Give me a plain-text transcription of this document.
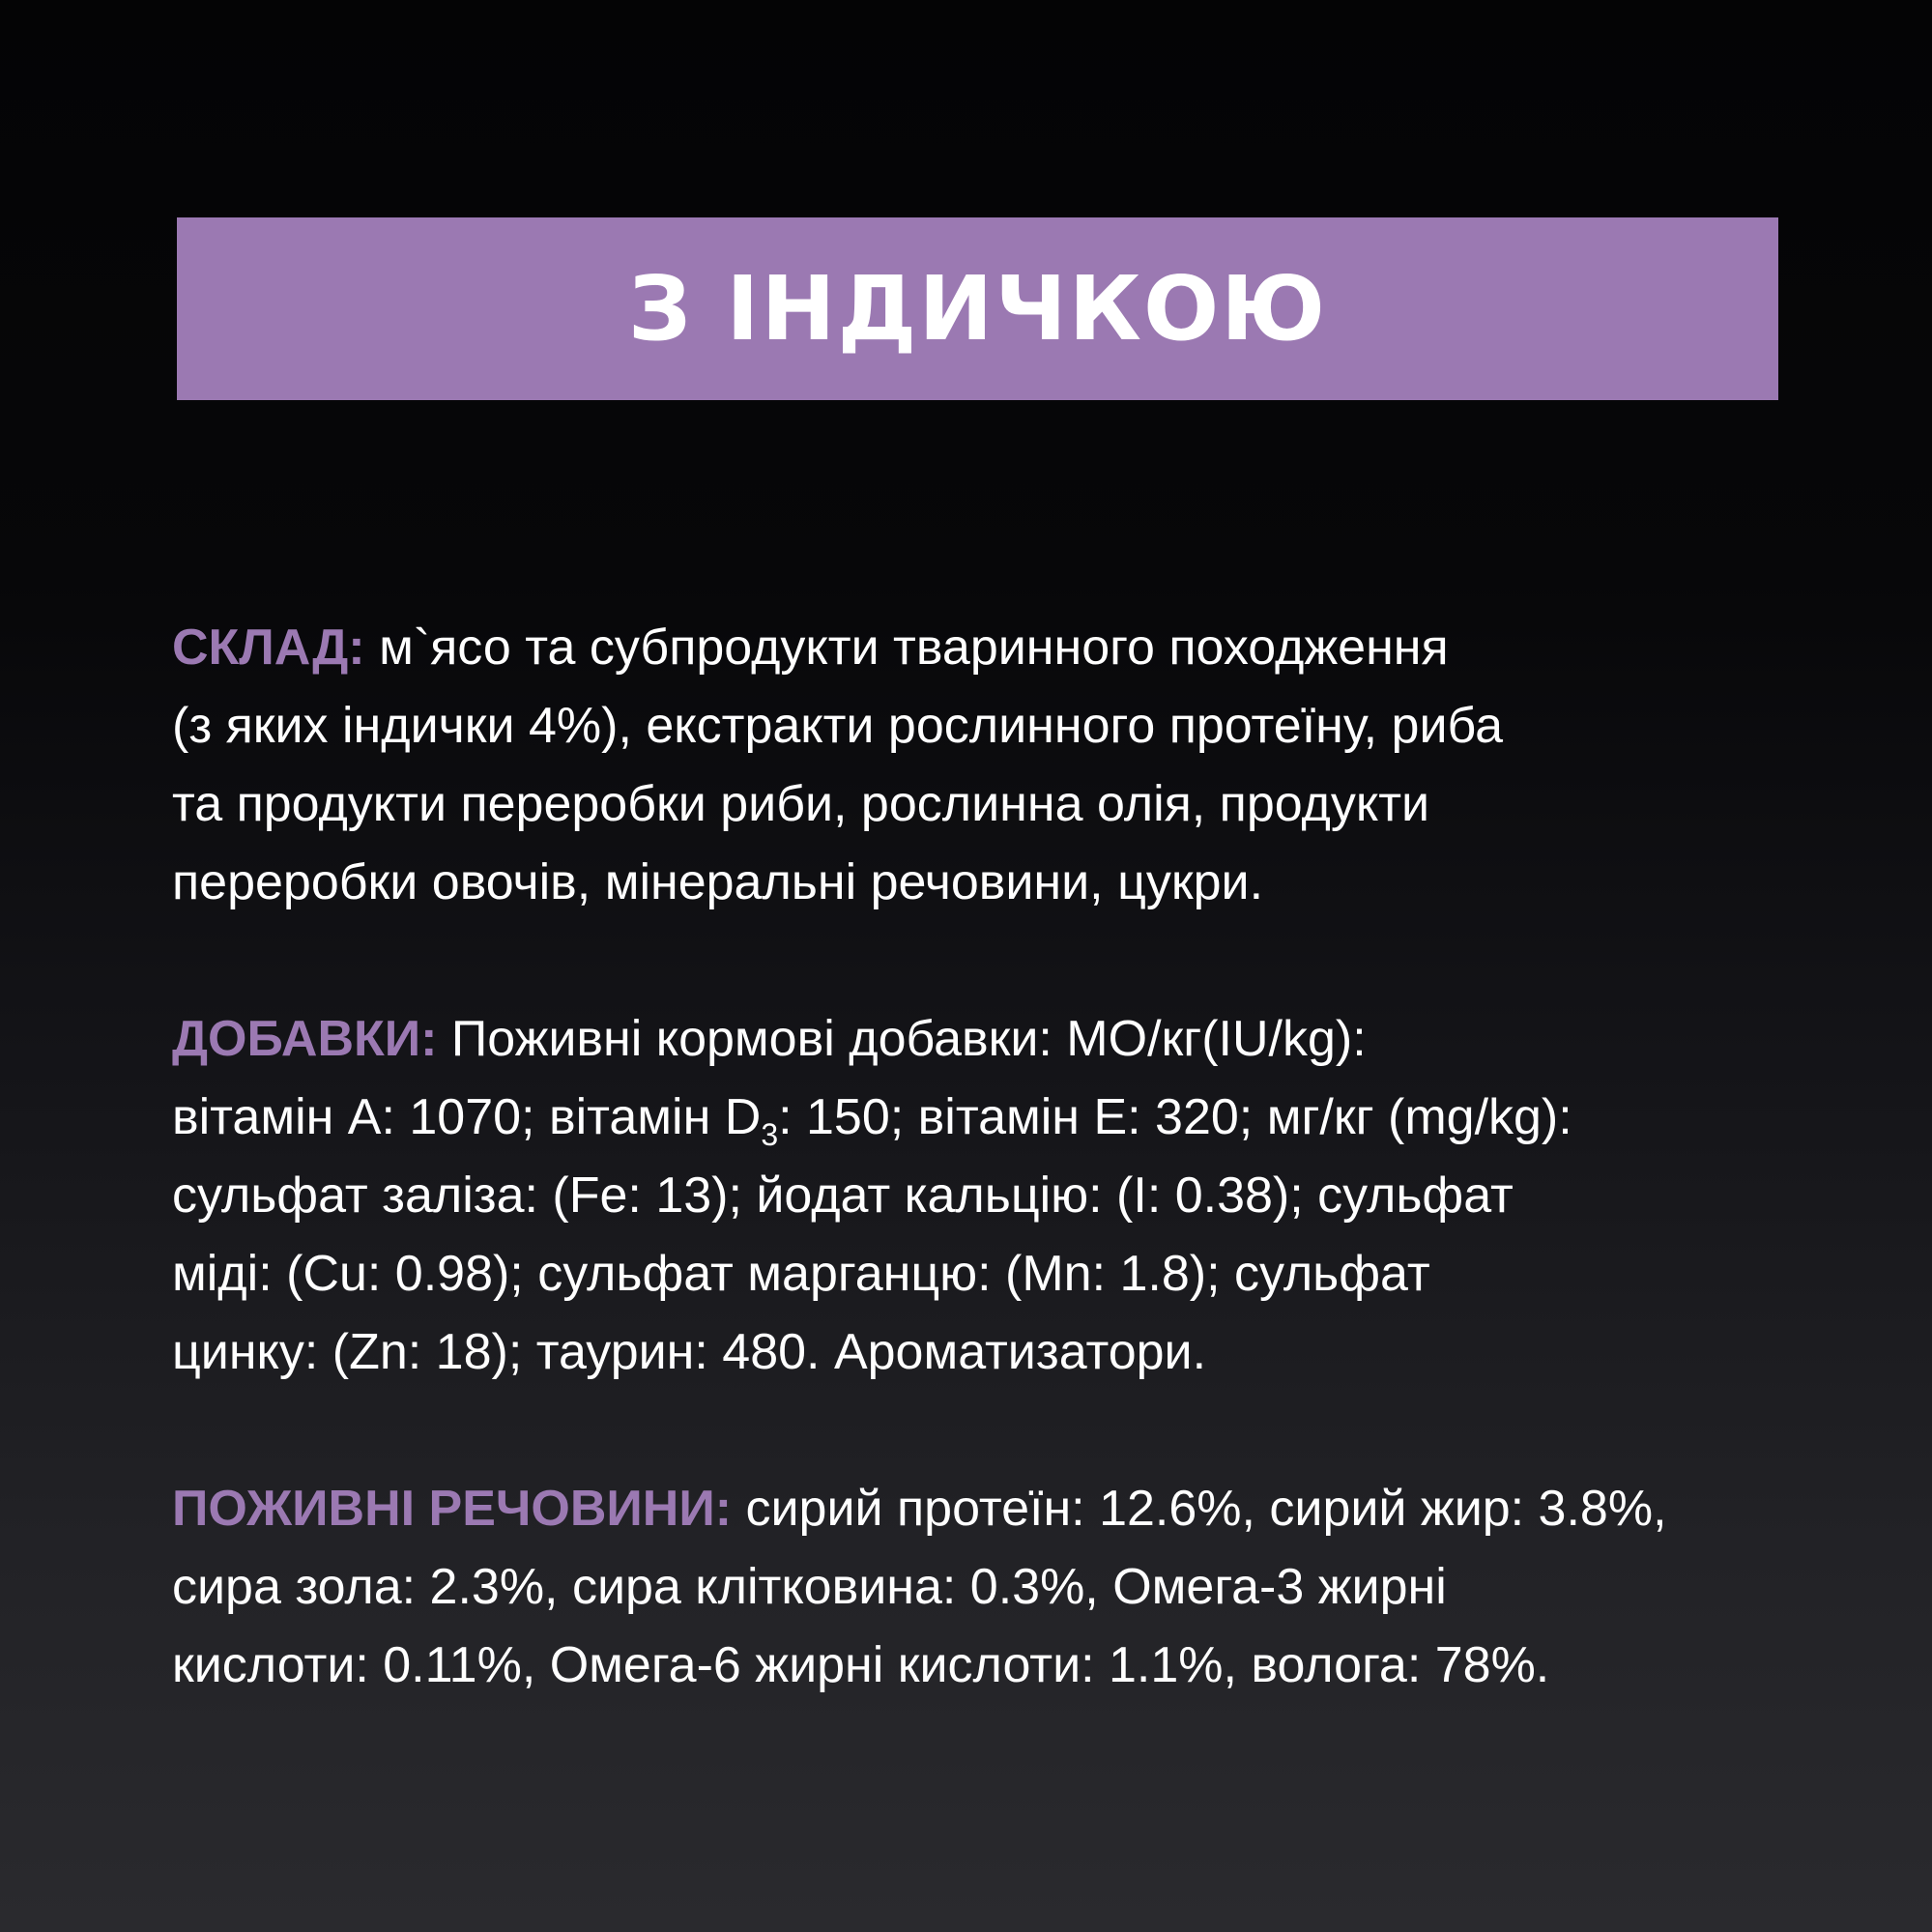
З ІНДИЧКОЮ
СКЛАД: м`ясо та субпродукти тваринного походження
(з яких індички 4%), екстракти рослинного протеїну, риба
та продукти переробки риби, рослинна олія, продукти
переробки овочів, мінеральні речовини, цукри.
ДОБАВКИ: Поживні кормові добавки: МО/кг(IU/kg):
вітамін А: 1070; вітамін $D_3$: 150; вітамін Е: 320; мг/кг (mg/kg):
сульфат заліза: (Fe: 13); йодат кальцію: (I: 0.38); сульфат
міді: (Cu: 0.98); сульфат марганцю: (Mn: 1.8); сульфат
цинку: (Zn: 18); таурин: 480. Ароматизатори.
ПОЖИВНІ РЕЧОВИНИ: сирий протеїн: 12.6%, сирий жир: 3.8%,
сира зола: 2.3%, сира клітковина: 0.3%, Омега-3 жирні
кислоти: 0.11%, Омега-6 жирні кислоти: 1.1%, волога: 78%.
